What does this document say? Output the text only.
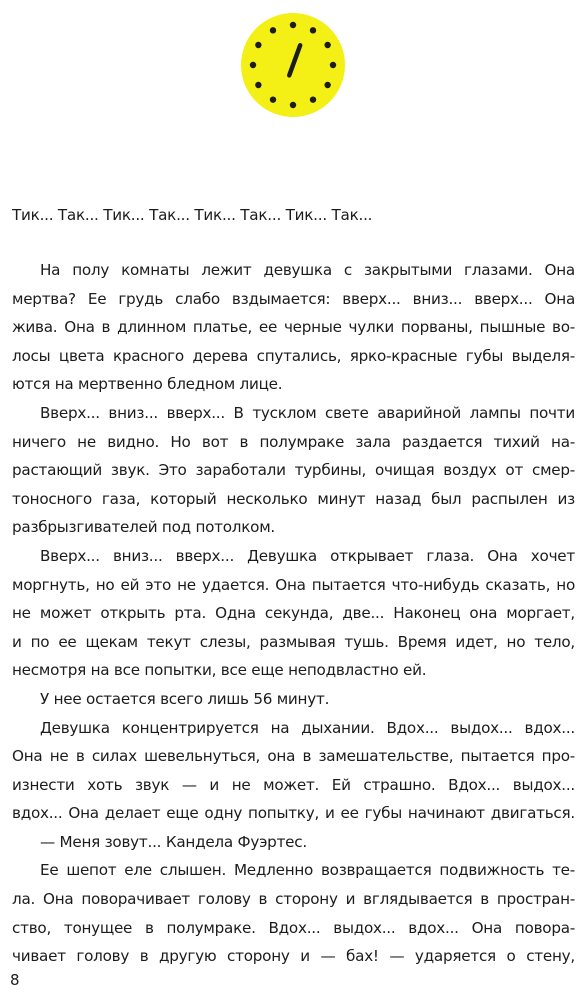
Тик... Так... Тик... Так... Тик... Так... Тик... Так...
На полу комнаты лежит девушка с закрытыми глазами. Она
мертва? Ее грудь слабо вздымается: вверх... вниз... вверх... Она
жива. Она в длинном платье, ее черные чулки порваны, пышные во-
лосы цвета красного дерева спутались, ярко-красные губы выделя-
ются на мертвенно бледном лице.
Вверх... вниз... вверх... В тусклом свете аварийной лампы почти
ничего не видно. Но вот в полумраке зала раздается тихий на-
растающий звук. Это заработали турбины, очищая воздух от смер-
тоносного газа, который несколько минут назад был распылен из
разбрызгивателей под потолком.
Вверх... вниз... вверх... Девушка открывает глаза. Она хочет
моргнуть, но ей это не удается. Она пытается что-нибудь сказать, но
не может открыть рта. Одна секунда, две... Наконец она моргает,
и по ее щекам текут слезы, размывая тушь. Время идет, но тело,
несмотря на все попытки, все еще неподвластно ей.
У нее остается всего лишь 56 минут.
Девушка концентрируется на дыхании. Вдох... выдох... вдох...
Она не в силах шевельнуться, она в замешательстве, пытается про-
изнести хоть звук — и не может. Ей страшно. Вдох... выдох...
вдох... Она делает еще одну попытку, и ее губы начинают двигаться.
— Меня зовут... Кандела Фуэртес.
Ее шепот еле слышен. Медленно возвращается подвижность те-
ла. Она поворачивает голову в сторону и вглядывается в простран-
ство, тонущее в полумраке. Вдох... выдох... вдох... Она повора-
чивает голову в другую сторону и — бах! — ударяется о стену,
8
